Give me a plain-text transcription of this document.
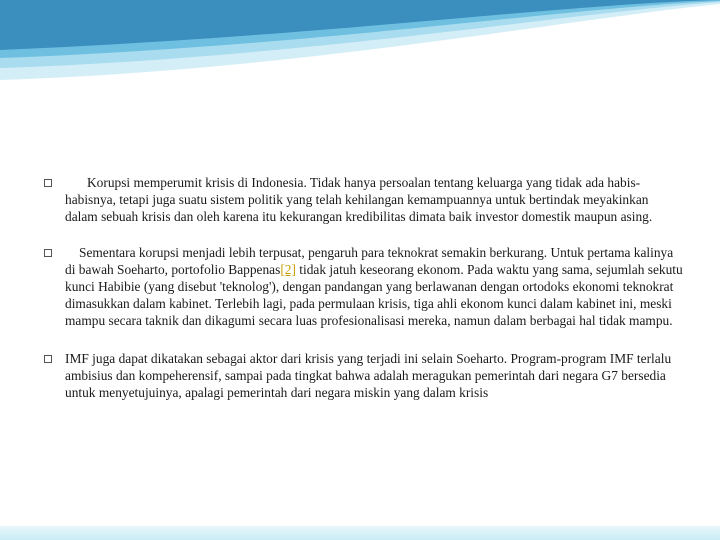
Korupsi memperumit krisis di Indonesia. Tidak hanya persoalan tentang keluarga yang tidak ada habis-habisnya, tetapi juga suatu sistem politik yang telah kehilangan kemampuannya untuk bertindak meyakinkan dalam sebuah krisis dan oleh karena itu kekurangan kredibilitas dimata baik investor domestik maupun asing.
Sementara korupsi menjadi lebih terpusat, pengaruh para teknokrat semakin berkurang. Untuk pertama kalinya di bawah Soeharto, portofolio Bappenas[2] tidak jatuh keseorang ekonom. Pada waktu yang sama, sejumlah sekutu kunci Habibie (yang disebut 'teknolog'), dengan pandangan yang berlawanan dengan ortodoks ekonomi teknokrat dimasukkan dalam kabinet. Terlebih lagi, pada permulaan krisis, tiga ahli ekonom kunci dalam kabinet ini, meski mampu secara taknik dan dikagumi secara luas profesionalisasi mereka, namun dalam berbagai hal tidak mampu.
IMF juga dapat dikatakan sebagai aktor dari krisis yang terjadi ini selain Soeharto. Program-program IMF terlalu ambisius dan kompeherensif, sampai pada tingkat bahwa adalah meragukan pemerintah dari negara G7 bersedia untuk menyetujuinya, apalagi pemerintah dari negara miskin yang dalam krisis
